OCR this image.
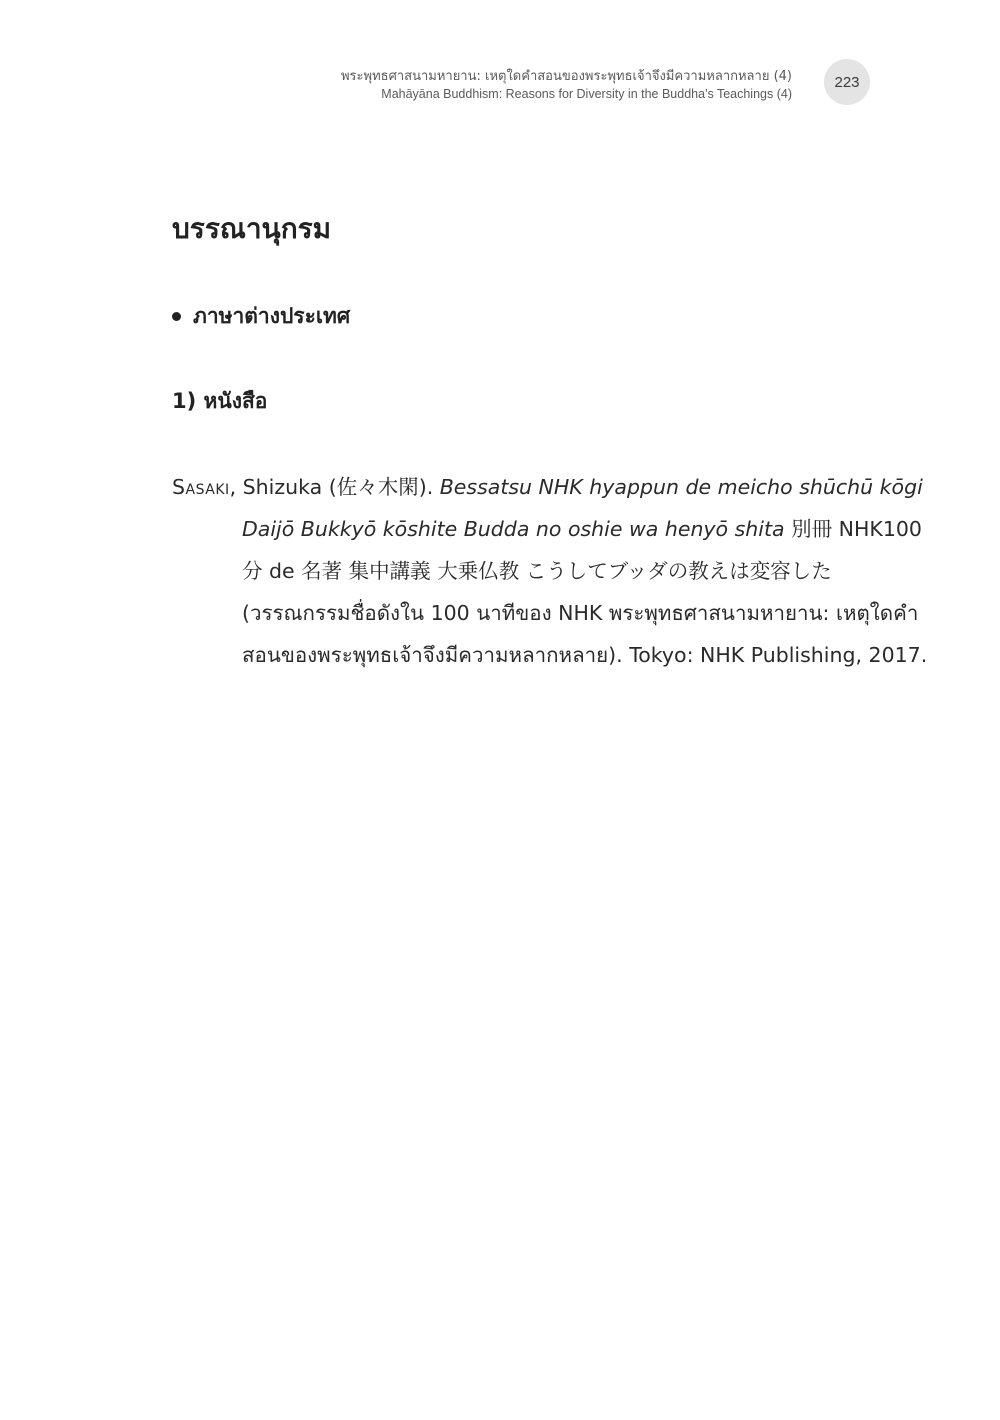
พระพุทธศาสนามหายาน: เหตุใดคำสอนของพระพุทธเจ้าจึงมีความหลากหลาย (4)
Mahāyāna Buddhism: Reasons for Diversity in the Buddha's Teachings (4)
223
บรรณานุกรม
ภาษาต่างประเทศ
1) หนังสือ

Sasaki, Shizuka (佐々木閑). Bessatsu NHK hyappun de meicho shūchū kōgi Daijō Bukkyō kōshite Budda no oshie wa henyō shita 別冊 NHK100 分 de 名著 集中講義 大乗仏教 こうしてブッダの教えは変容した (วรรณกรรมชื่อดังใน 100 นาทีของ NHK พระพุทธศาสนามหายาน: เหตุใดคำสอนของพระพุทธเจ้าจึงมีความหลากหลาย). Tokyo: NHK Publishing, 2017.
